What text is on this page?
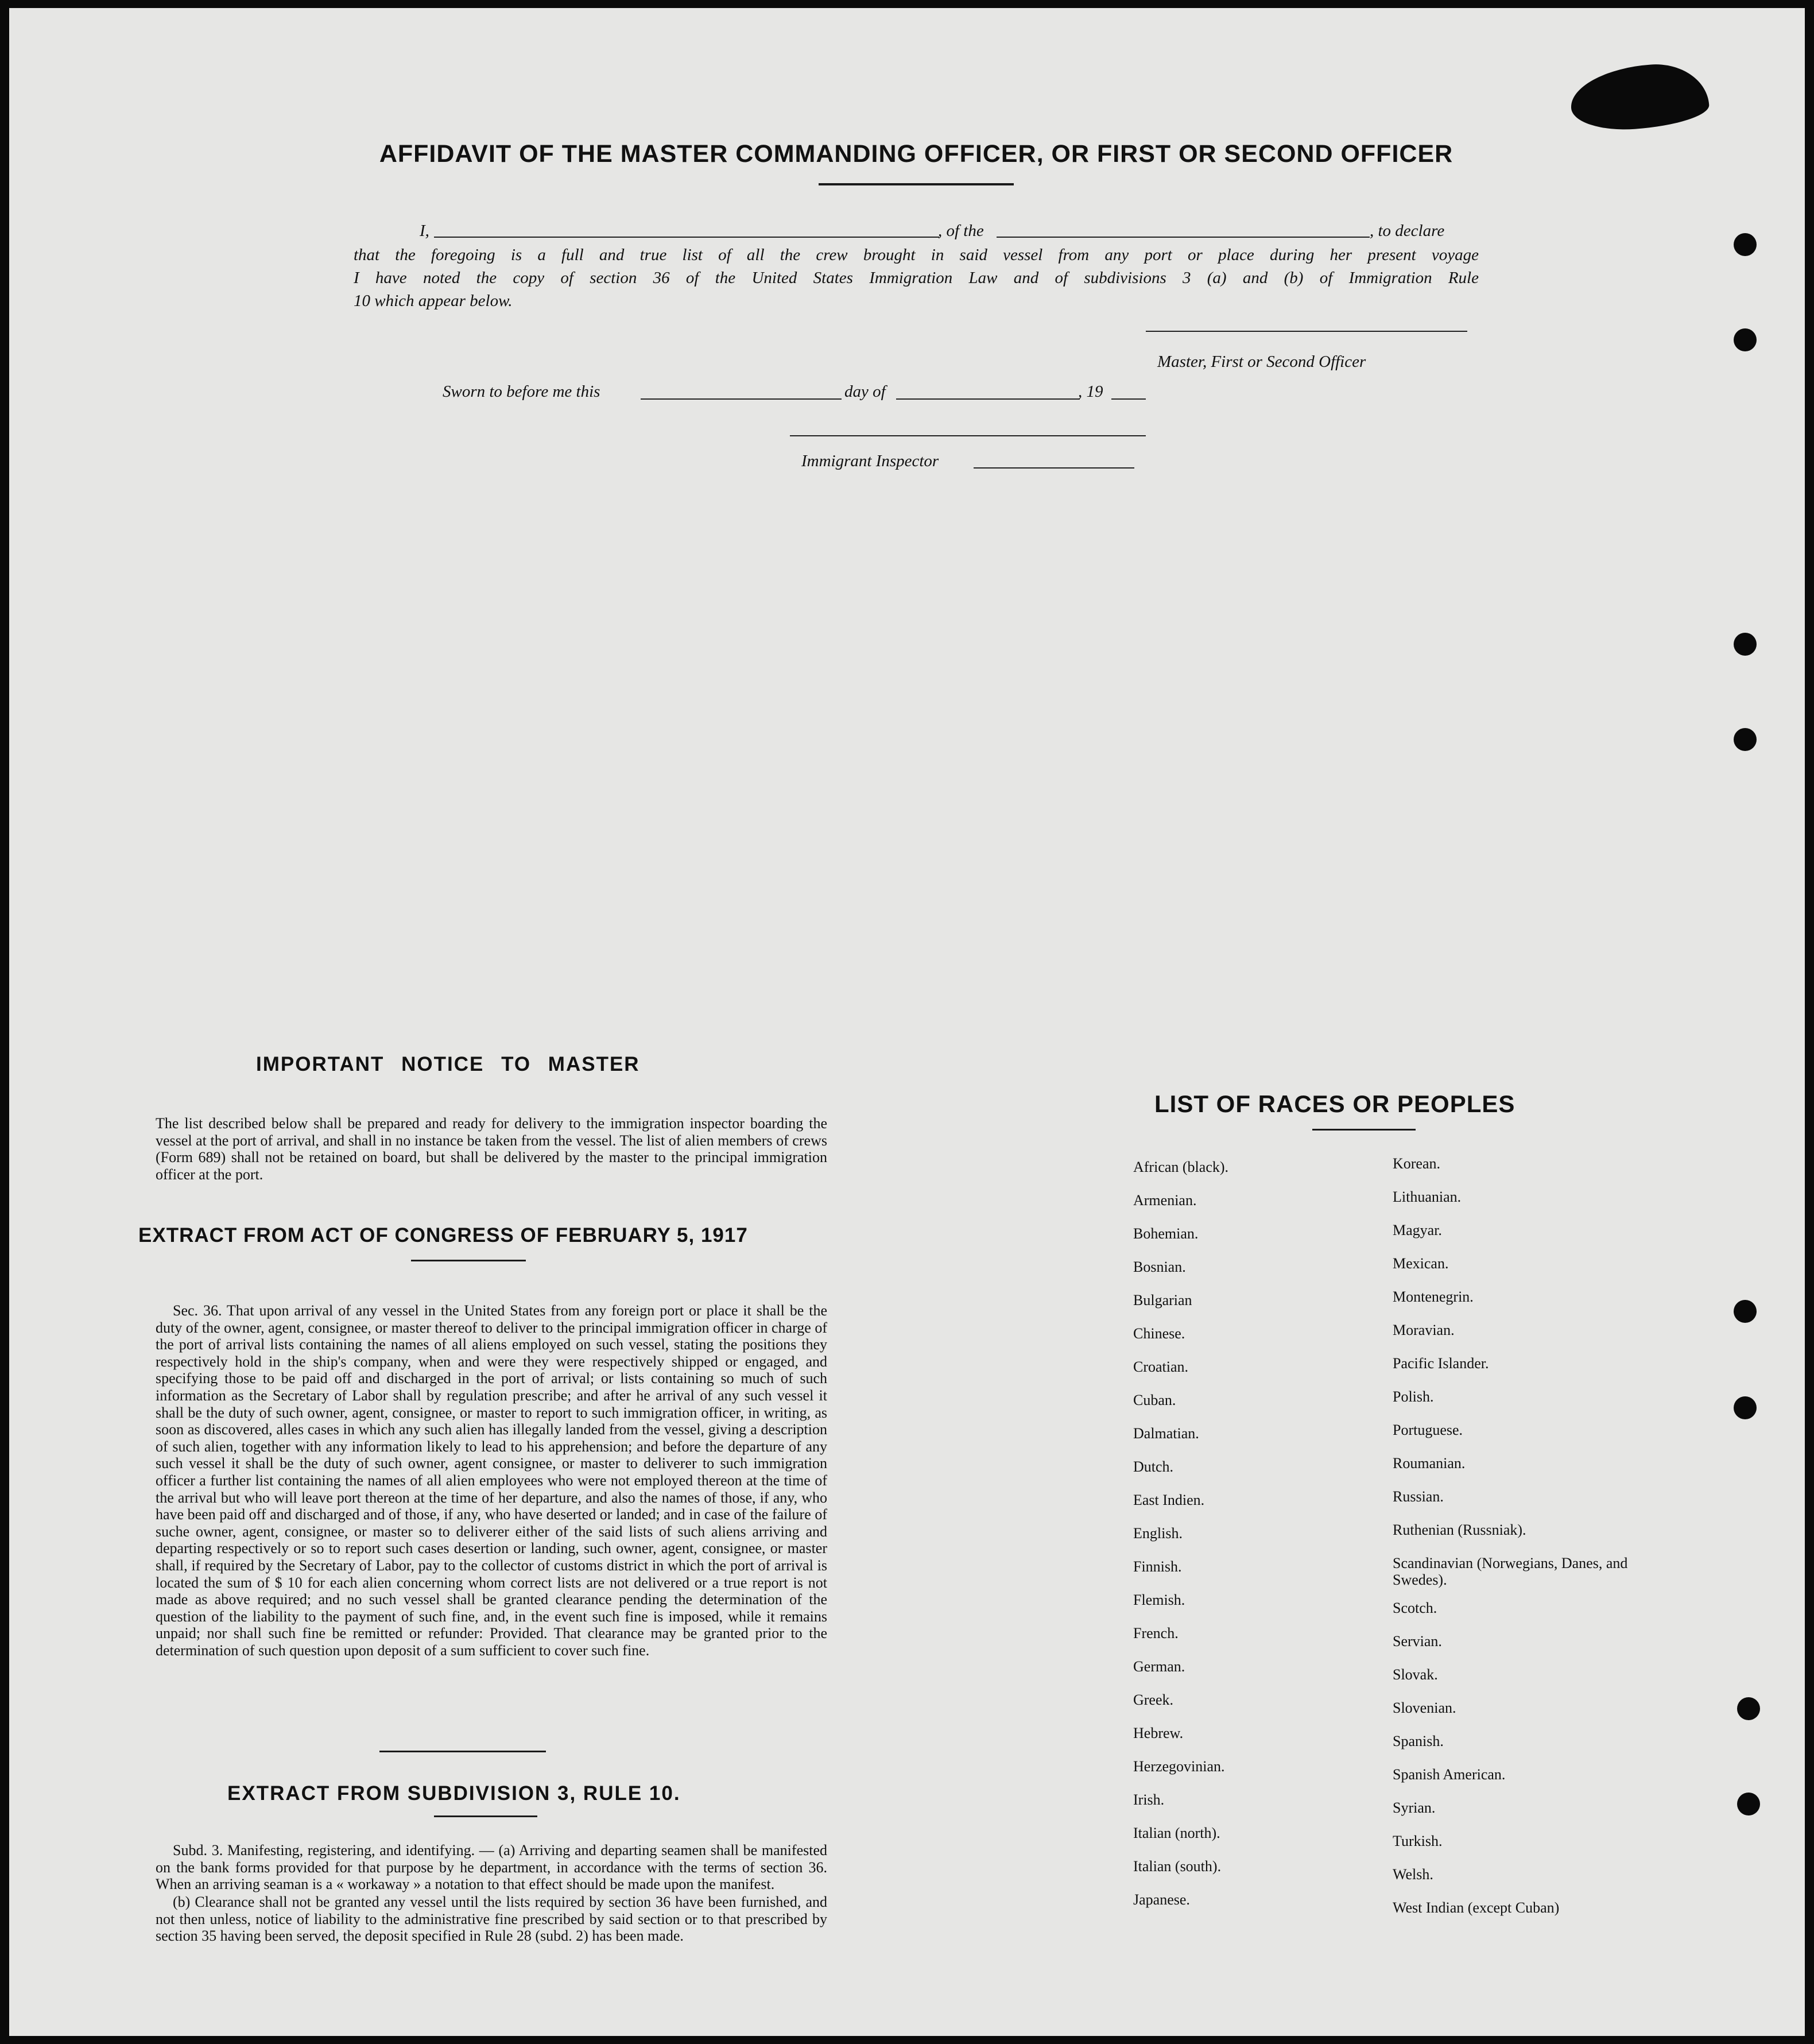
AFFIDAVIT OF THE MASTER COMMANDING OFFICER, OR FIRST OR SECOND OFFICER
I,	, of the	, to declare
that the foregoing is a full and true list of all the crew brought in said vessel from any port or place during her present voyage
I have noted the copy of section 36 of the United States Immigration Law and of subdivisions 3 (a) and (b) of Immigration Rule
10 which appear below.
Master, First or Second Officer
Sworn to before me this	day of	, 19
Immigrant Inspector
IMPORTANT NOTICE TO MASTER
The list described below shall be prepared and ready for delivery to the immigration inspector boarding the vessel at the port of arrival, and shall in no instance be taken from the vessel. The list of alien members of crews (Form 689) shall not be retained on board, but shall be delivered by the master to the principal immigration officer at the port.
EXTRACT FROM ACT OF CONGRESS OF FEBRUARY 5, 1917
Sec. 36. That upon arrival of any vessel in the United States from any foreign port or place it shall be the duty of the owner, agent, consignee, or master thereof to deliver to the principal immigration officer in charge of the port of arrival lists containing the names of all aliens employed on such vessel, stating the positions they respectively hold in the ship's company, when and were they were respectively shipped or engaged, and specifying those to be paid off and discharged in the port of arrival; or lists containing so much of such information as the Secretary of Labor shall by regulation prescribe; and after he arrival of any such vessel it shall be the duty of such owner, agent, consignee, or master to report to such immigration officer, in writing, as soon as discovered, alles cases in which any such alien has illegally landed from the vessel, giving a description of such alien, together with any information likely to lead to his apprehension; and before the departure of any such vessel it shall be the duty of such owner, agent consignee, or master to deliverer to such immigration officer a further list containing the names of all alien employees who were not employed thereon at the time of the arrival but who will leave port thereon at the time of her departure, and also the names of those, if any, who have been paid off and discharged and of those, if any, who have deserted or landed; and in case of the failure of suche owner, agent, consignee, or master so to deliverer either of the said lists of such aliens arriving and departing respectively or so to report such cases desertion or landing, such owner, agent, consignee, or master shall, if required by the Secretary of Labor, pay to the collector of customs district in which the port of arrival is located the sum of $ 10 for each alien concerning whom correct lists are not delivered or a true report is not made as above required; and no such vessel shall be granted clearance pending the determination of the question of the liability to the payment of such fine, and, in the event such fine is imposed, while it remains unpaid; nor shall such fine be remitted or refunder: Provided. That clearance may be granted prior to the determination of such question upon deposit of a sum sufficient to cover such fine.
EXTRACT FROM SUBDIVISION 3, RULE 10.
Subd. 3. Manifesting, registering, and identifying. — (a) Arriving and departing seamen shall be manifested on the bank forms provided for that purpose by he department, in accordance with the terms of section 36. When an arriving seaman is a « workaway » a notation to that effect should be made upon the manifest.
(b) Clearance shall not be granted any vessel until the lists required by section 36 have been furnished, and not then unless, notice of liability to the administrative fine prescribed by said section or to that prescribed by section 35 having been served, the deposit specified in Rule 28 (subd. 2) has been made.
LIST OF RACES OR PEOPLES
African (black).
Armenian.
Bohemian.
Bosnian.
Bulgarian
Chinese.
Croatian.
Cuban.
Dalmatian.
Dutch.
East Indien.
English.
Finnish.
Flemish.
French.
German.
Greek.
Hebrew.
Herzegovinian.
Irish.
Italian (north).
Italian (south).
Japanese.
Korean.
Lithuanian.
Magyar.
Mexican.
Montenegrin.
Moravian.
Pacific Islander.
Polish.
Portuguese.
Roumanian.
Russian.
Ruthenian (Russniak).
Scandinavian (Norwegians, Danes, and Swedes).
Scotch.
Servian.
Slovak.
Slovenian.
Spanish.
Spanish American.
Syrian.
Turkish.
Welsh.
West Indian (except Cuban)
